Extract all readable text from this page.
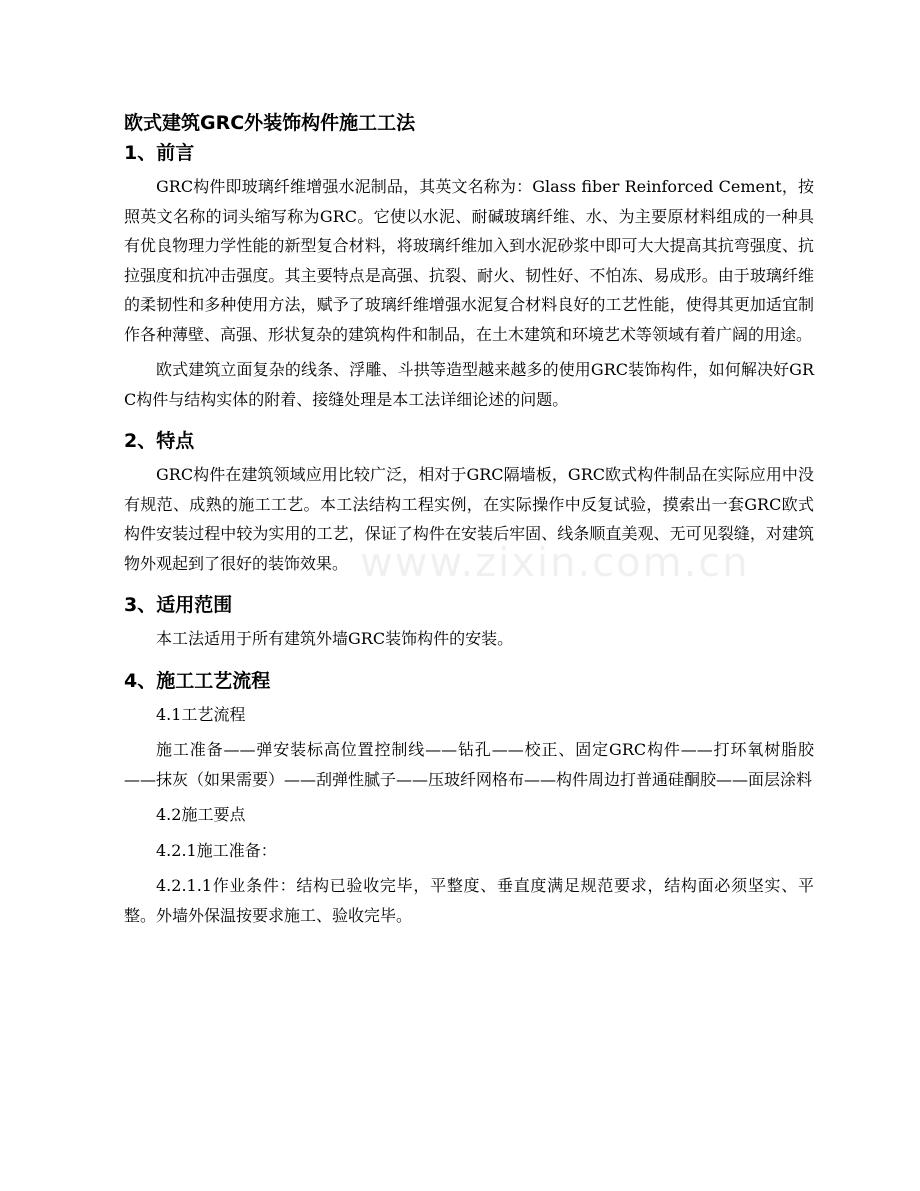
www.zixin.com.cn
欧式建筑GRC外装饰构件施工工法
1、前言

GRC构件即玻璃纤维增强水泥制品，其英文名称为：Glass fiber Reinforced Cement，按照英文名称的词头缩写称为GRC。它使以水泥、耐碱玻璃纤维、水、为主要原材料组成的一种具有优良物理力学性能的新型复合材料，将玻璃纤维加入到水泥砂浆中即可大大提高其抗弯强度、抗拉强度和抗冲击强度。其主要特点是高强、抗裂、耐火、韧性好、不怕冻、易成形。由于玻璃纤维的柔韧性和多种使用方法，赋予了玻璃纤维增强水泥复合材料良好的工艺性能，使得其更加适宜制作各种薄壁、高强、形状复杂的建筑构件和制品，在土木建筑和环境艺术等领域有着广阔的用途。

欧式建筑立面复杂的线条、浮雕、斗拱等造型越来越多的使用GRC装饰构件，如何解决好GRC构件与结构实体的附着、接缝处理是本工法详细论述的问题。

2、特点

GRC构件在建筑领域应用比较广泛，相对于GRC隔墙板，GRC欧式构件制品在实际应用中没有规范、成熟的施工工艺。本工法结构工程实例，在实际操作中反复试验，摸索出一套GRC欧式构件安装过程中较为实用的工艺，保证了构件在安装后牢固、线条顺直美观、无可见裂缝，对建筑物外观起到了很好的装饰效果。

3、适用范围

本工法适用于所有建筑外墙GRC装饰构件的安装。

4、施工工艺流程

4.1工艺流程

施工准备——弹安装标高位置控制线——钻孔——校正、固定GRC构件——打环氧树脂胶——抹灰（如果需要）——刮弹性腻子——压玻纤网格布——构件周边打普通硅酮胶——面层涂料

4.2施工要点

4.2.1施工准备：

4.2.1.1作业条件：结构已验收完毕，平整度、垂直度满足规范要求，结构面必须坚实、平整。外墙外保温按要求施工、验收完毕。
